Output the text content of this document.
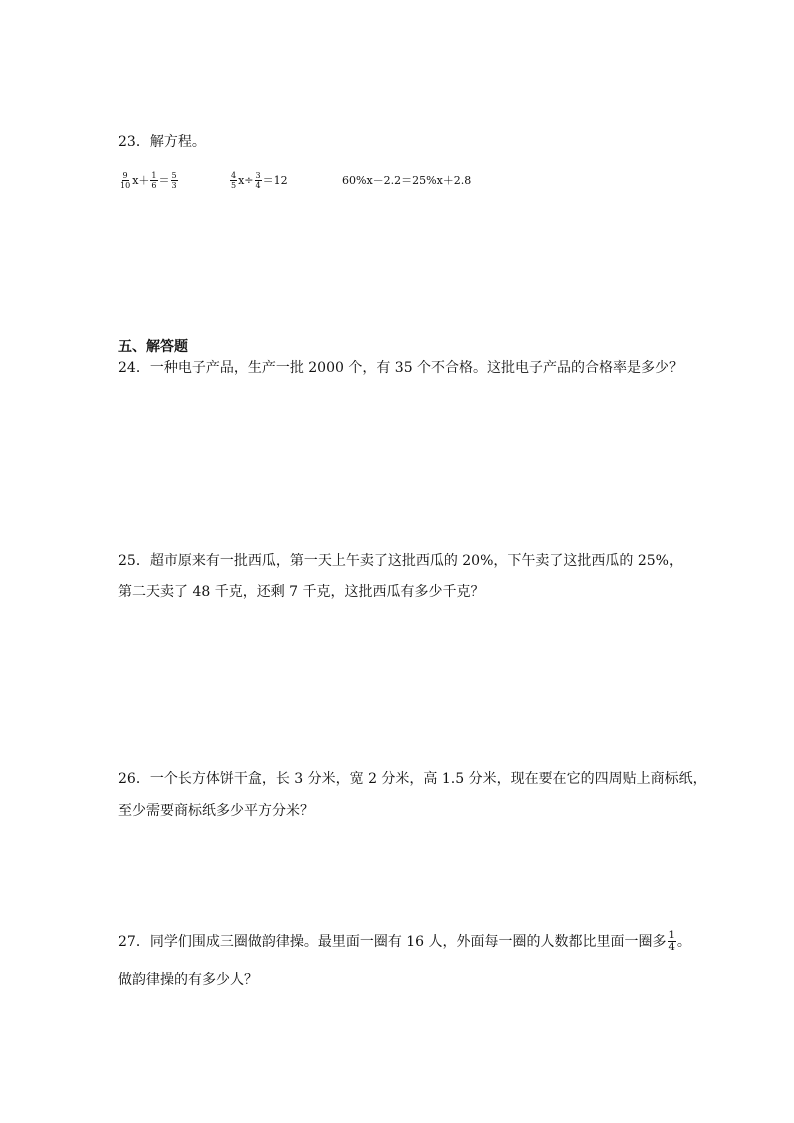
23．解方程。
$\frac{9}{10} x+ \frac{1}{6} = \frac{5}{3}$	$\frac{4}{5} x\div \frac{3}{4} =12$	60%x－2.2＝25%x＋2.8
五、解答题
24．一种电子产品，生产一批 2000 个，有 35 个不合格。这批电子产品的合格率是多少？
25．超市原来有一批西瓜，第一天上午卖了这批西瓜的 20%，下午卖了这批西瓜的 25%，
第二天卖了 48 千克，还剩 7 千克，这批西瓜有多少千克？
26．一个长方体饼干盒，长 3 分米，宽 2 分米，高 1.5 分米，现在要在它的四周贴上商标纸，
至少需要商标纸多少平方分米？
27．同学们围成三圈做韵律操。最里面一圈有 16 人，外面每一圈的人数都比里面一圈多 $\frac{1}{4}$ 。
做韵律操的有多少人？
